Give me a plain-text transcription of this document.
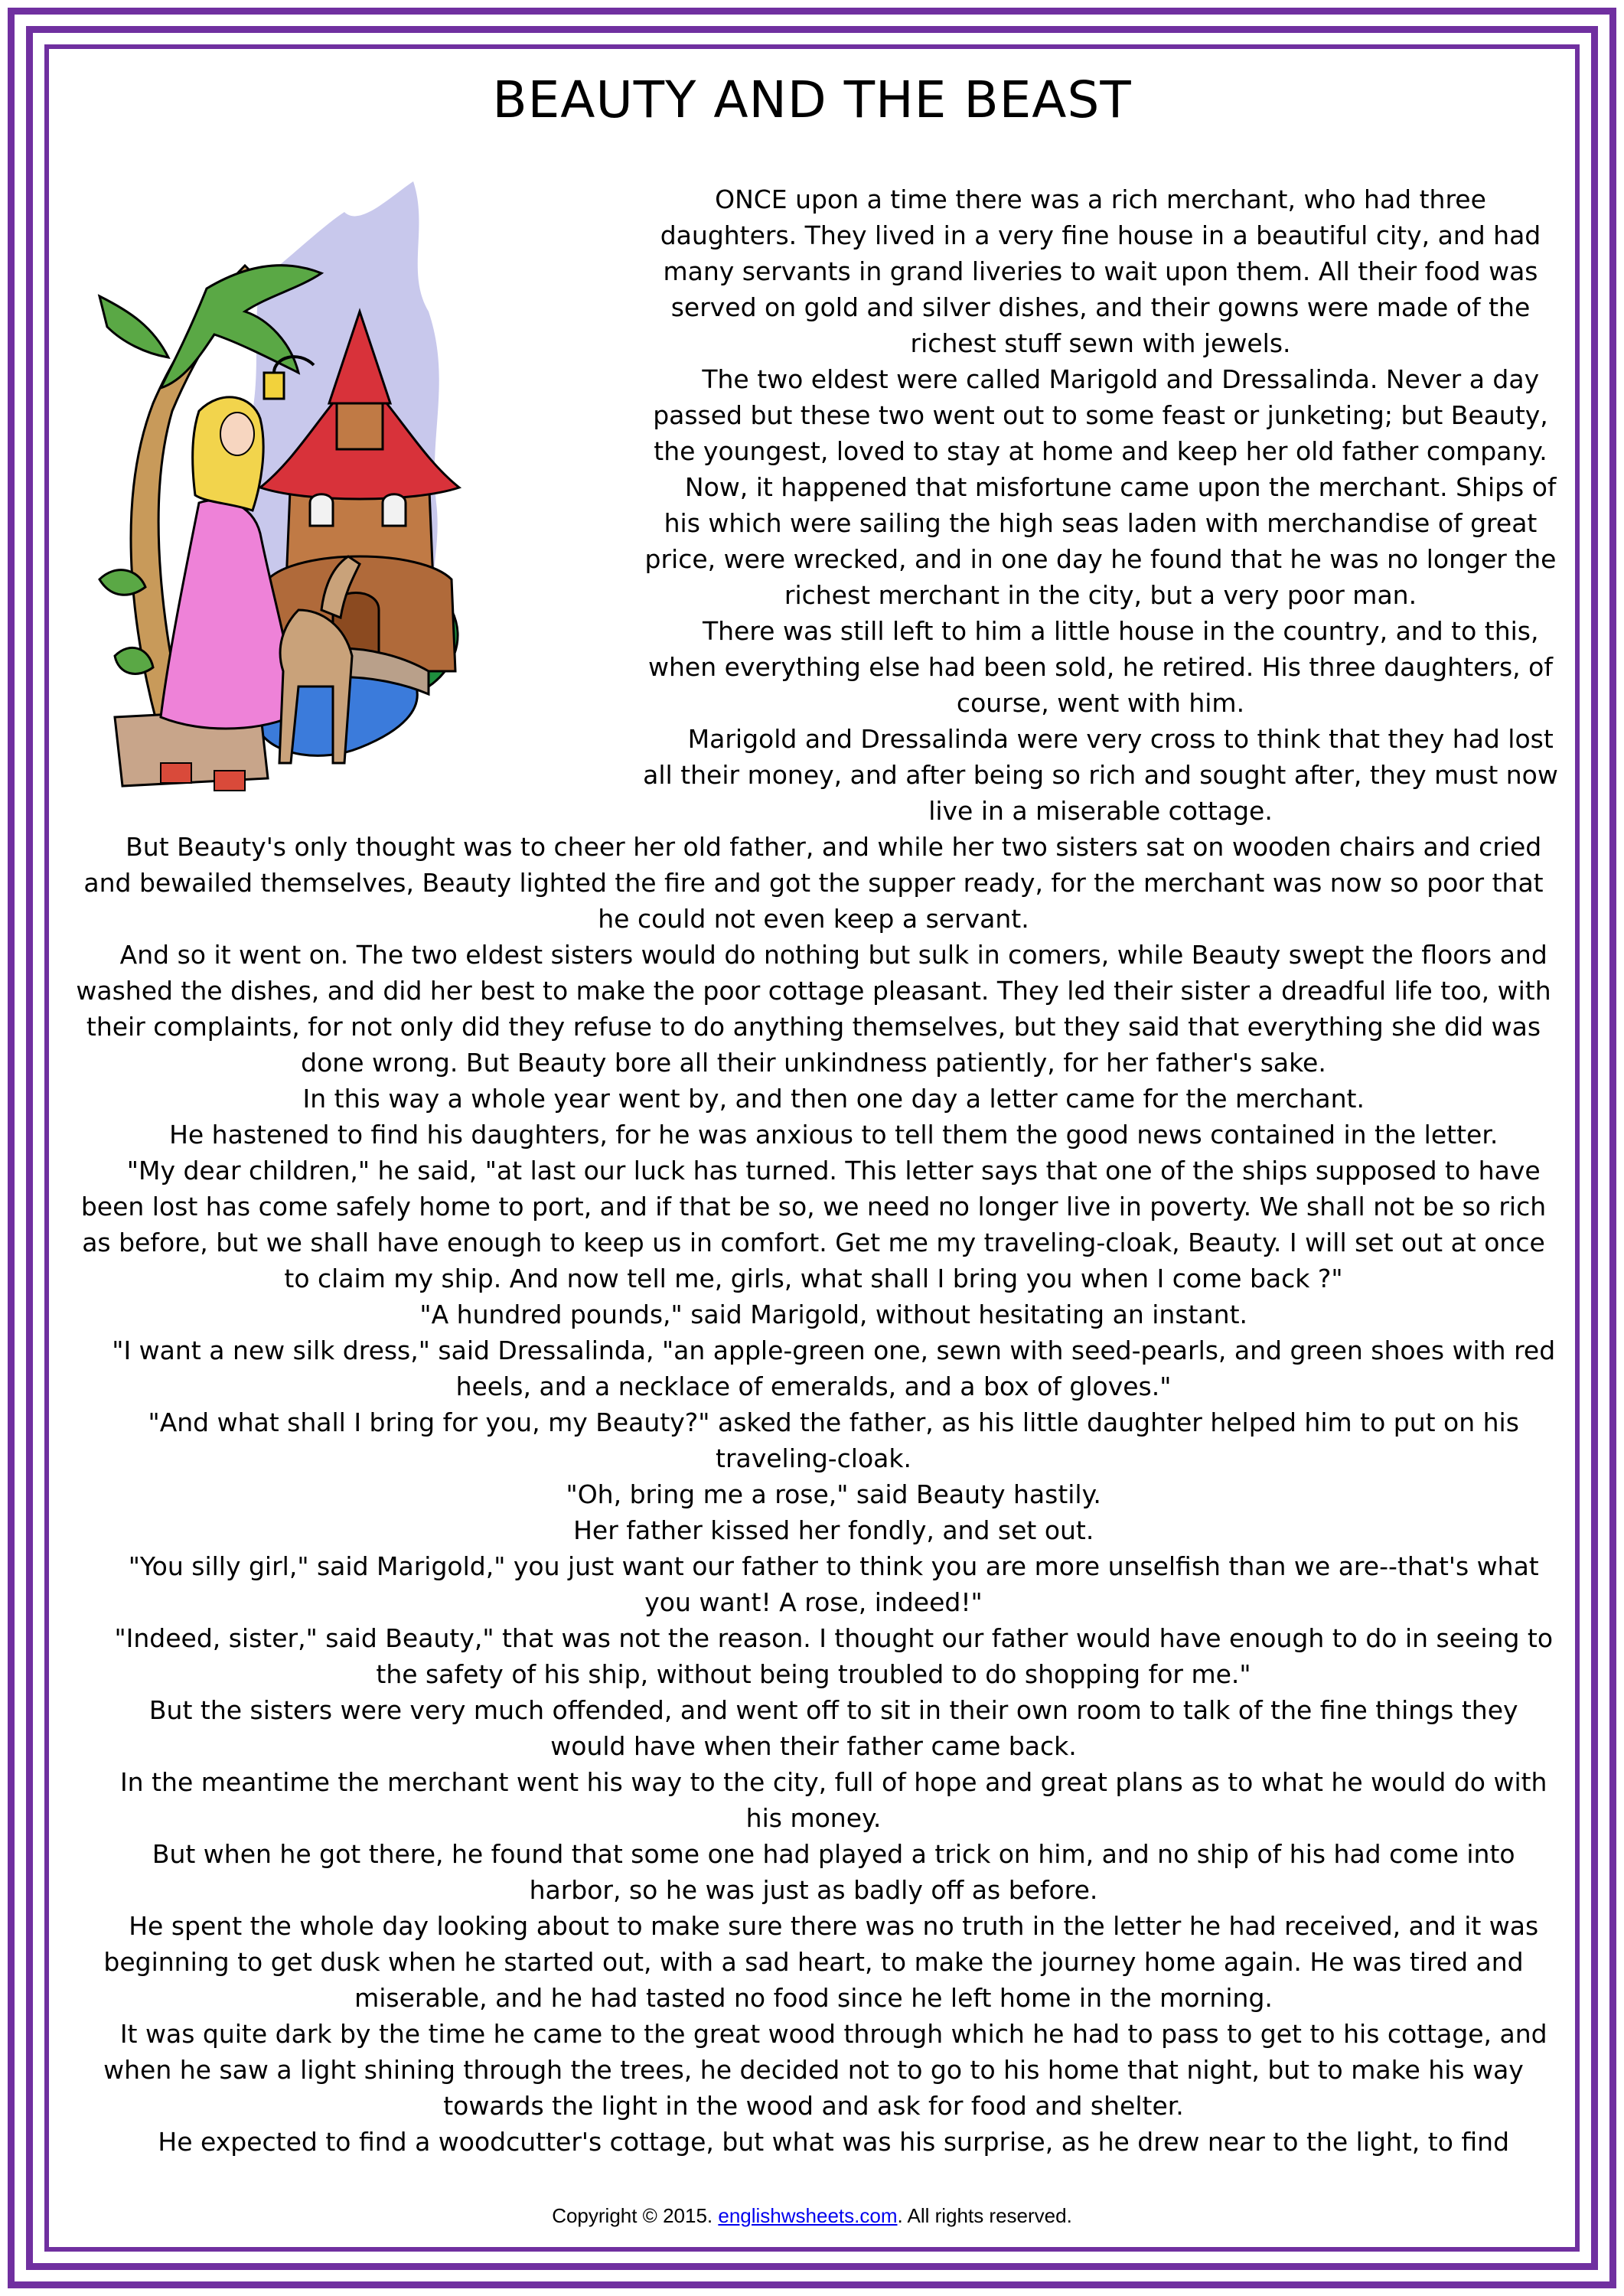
BEAUTY AND THE BEAST

ONCE upon a time there was a rich merchant, who had three daughters. They lived in a very fine house in a beautiful city, and had many servants in grand liveries to wait upon them. All their food was served on gold and silver dishes, and their gowns were made of the richest stuff sewn with jewels.

The two eldest were called Marigold and Dressalinda. Never a day passed but these two went out to some feast or junketing; but Beauty, the youngest, loved to stay at home and keep her old father company.

Now, it happened that misfortune came upon the merchant. Ships of his which were sailing the high seas laden with merchandise of great price, were wrecked, and in one day he found that he was no longer the richest merchant in the city, but a very poor man.

There was still left to him a little house in the country, and to this, when everything else had been sold, he retired. His three daughters, of course, went with him.

Marigold and Dressalinda were very cross to think that they had lost all their money, and after being so rich and sought after, they must now live in a miserable cottage.

But Beauty's only thought was to cheer her old father, and while her two sisters sat on wooden chairs and cried and bewailed themselves, Beauty lighted the fire and got the supper ready, for the merchant was now so poor that he could not even keep a servant.

And so it went on. The two eldest sisters would do nothing but sulk in comers, while Beauty swept the floors and washed the dishes, and did her best to make the poor cottage pleasant. They led their sister a dreadful life too, with their complaints, for not only did they refuse to do anything themselves, but they said that everything she did was done wrong. But Beauty bore all their unkindness patiently, for her father's sake.

In this way a whole year went by, and then one day a letter came for the merchant.

He hastened to find his daughters, for he was anxious to tell them the good news contained in the letter.

"My dear children," he said, "at last our luck has turned. This letter says that one of the ships supposed to have been lost has come safely home to port, and if that be so, we need no longer live in poverty. We shall not be so rich as before, but we shall have enough to keep us in comfort. Get me my traveling-cloak, Beauty. I will set out at once to claim my ship. And now tell me, girls, what shall I bring you when I come back ?"

"A hundred pounds," said Marigold, without hesitating an instant.

"I want a new silk dress," said Dressalinda, "an apple-green one, sewn with seed-pearls, and green shoes with red heels, and a necklace of emeralds, and a box of gloves."

"And what shall I bring for you, my Beauty?" asked the father, as his little daughter helped him to put on his traveling-cloak.

"Oh, bring me a rose," said Beauty hastily.

Her father kissed her fondly, and set out.

"You silly girl," said Marigold," you just want our father to think you are more unselfish than we are--that's what you want! A rose, indeed!"

"Indeed, sister," said Beauty," that was not the reason. I thought our father would have enough to do in seeing to the safety of his ship, without being troubled to do shopping for me."

But the sisters were very much offended, and went off to sit in their own room to talk of the fine things they would have when their father came back.

In the meantime the merchant went his way to the city, full of hope and great plans as to what he would do with his money.

But when he got there, he found that some one had played a trick on him, and no ship of his had come into harbor, so he was just as badly off as before.

He spent the whole day looking about to make sure there was no truth in the letter he had received, and it was beginning to get dusk when he started out, with a sad heart, to make the journey home again. He was tired and miserable, and he had tasted no food since he left home in the morning.

It was quite dark by the time he came to the great wood through which he had to pass to get to his cottage, and when he saw a light shining through the trees, he decided not to go to his home that night, but to make his way towards the light in the wood and ask for food and shelter.

He expected to find a woodcutter's cottage, but what was his surprise, as he drew near to the light, to find

Copyright © 2015. englishwsheets.com. All rights reserved.
